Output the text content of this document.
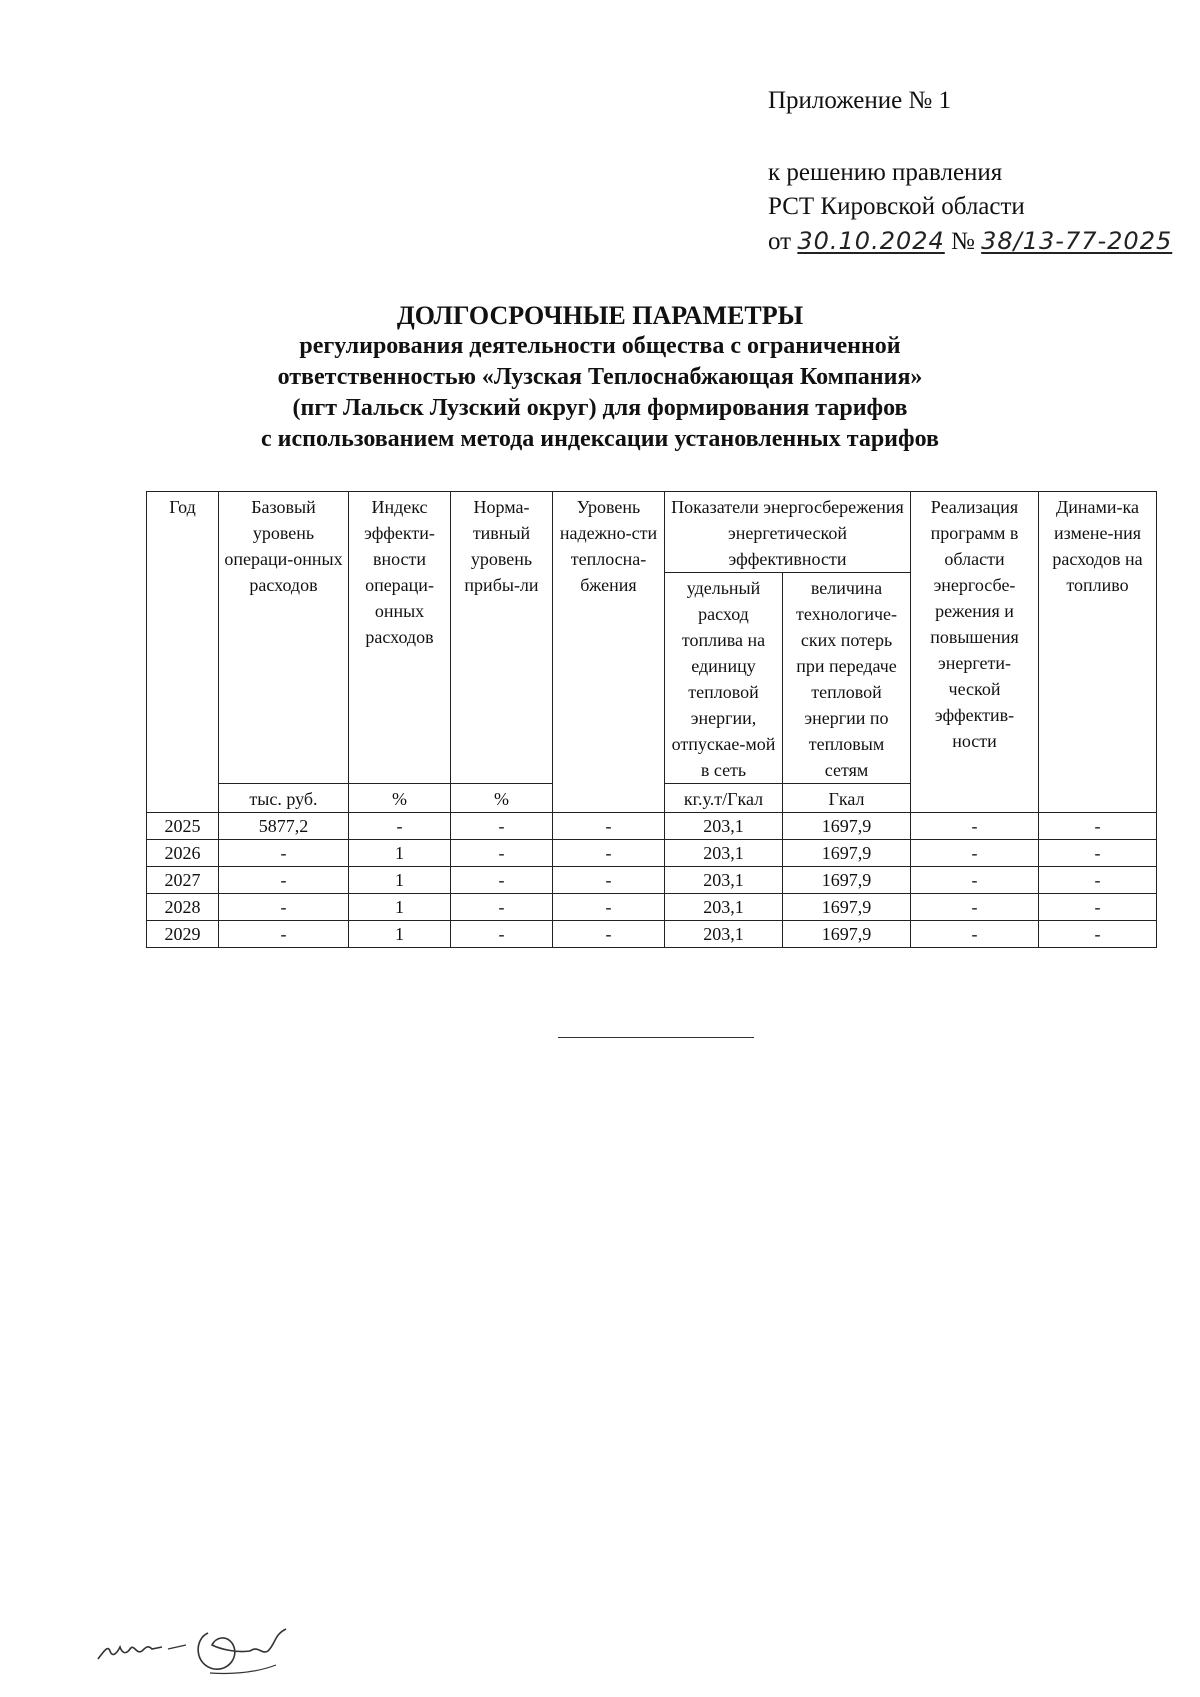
Приложение № 1
к решению правления
РСТ Кировской области
от 30.10.2024 № 38/13-77-2025
ДОЛГОСРОЧНЫЕ ПАРАМЕТРЫ
регулирования деятельности общества с ограниченной
ответственностью «Лузская Теплоснабжающая Компания»
(пгт Лальск Лузский округ) для формирования тарифов
с использованием метода индексации установленных тарифов
Год	Базовый уровень операци-онных расходов	Индекс эффекти-вности операци-онных расходов	Норма-тивный уровень прибы-ли	Уровень надежно-сти теплосна-бжения	Показатели энергосбережения энергетической эффективности		Реализация программ в области энергосбе-режения и повышения энергети-ческой эффектив-ности	Динами-ка измене-ния расходов на топливо
					удельный расход топлива на единицу тепловой энергии, отпускае-мой в сеть	величина технологиче-ских потерь при передаче тепловой энергии по тепловым сетям		
	тыс. руб.	%	%		кг.у.т/Гкал	Гкал		
2025	5877,2	-	-	-	203,1	1697,9	-	-
2026	-	1	-	-	203,1	1697,9	-	-
2027	-	1	-	-	203,1	1697,9	-	-
2028	-	1	-	-	203,1	1697,9	-	-
2029	-	1	-	-	203,1	1697,9	-	-
